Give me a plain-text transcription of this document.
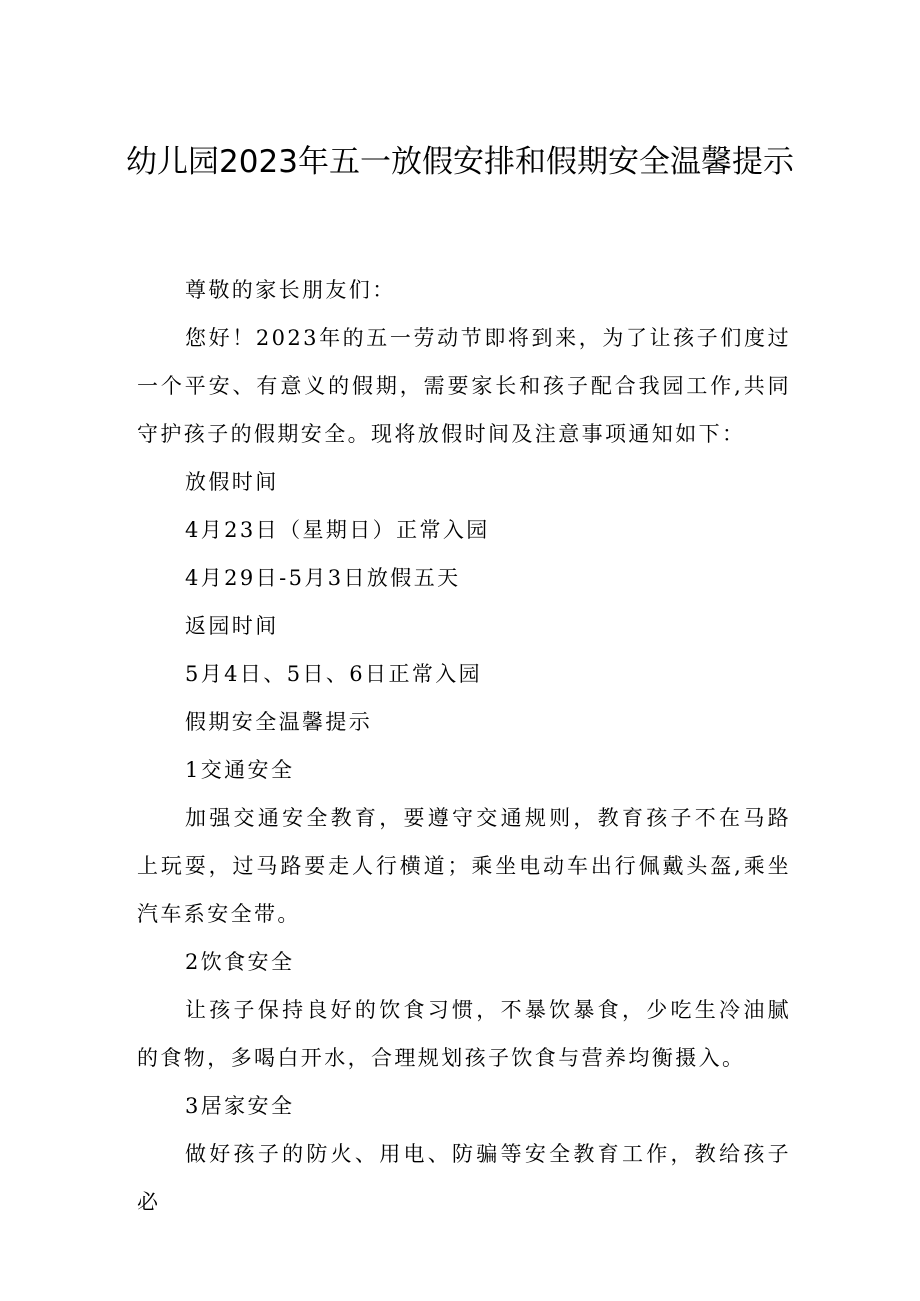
幼儿园2023年五一放假安排和假期安全温馨提示

尊敬的家长朋友们：

您好！2023年的五一劳动节即将到来，为了让孩子们度过一个平安、有意义的假期，需要家长和孩子配合我园工作,共同守护孩子的假期安全。现将放假时间及注意事项通知如下：

放假时间

4月23日（星期日）正常入园

4月29日-5月3日放假五天

返园时间

5月4日、5日、6日正常入园

假期安全温馨提示

1交通安全

加强交通安全教育，要遵守交通规则，教育孩子不在马路上玩耍，过马路要走人行横道；乘坐电动车出行佩戴头盔,乘坐汽车系安全带。

2饮食安全

让孩子保持良好的饮食习惯，不暴饮暴食，少吃生冷油腻的食物，多喝白开水，合理规划孩子饮食与营养均衡摄入。

3居家安全

做好孩子的防火、用电、防骗等安全教育工作，教给孩子必
